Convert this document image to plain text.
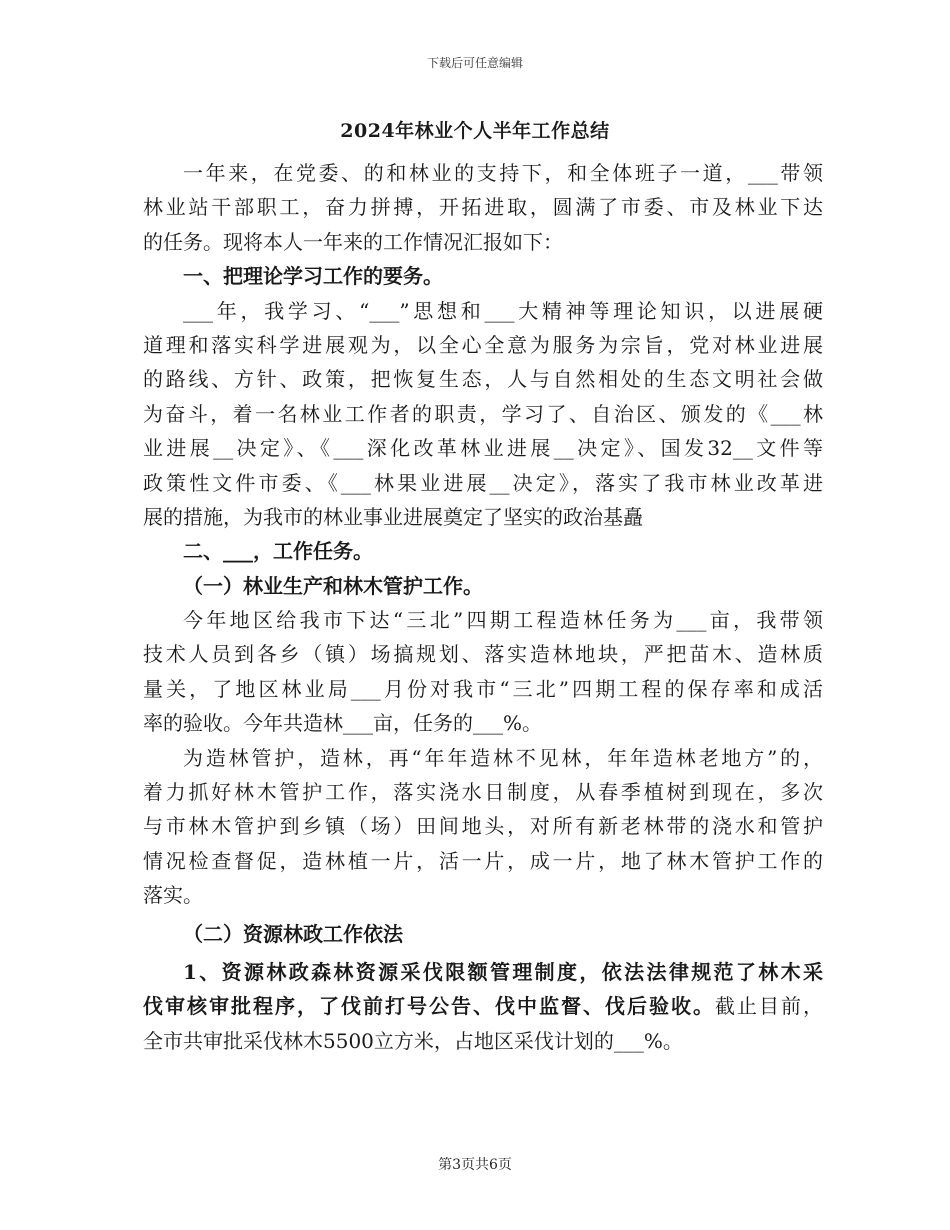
下载后可任意编辑
2024年林业个人半年工作总结
一年来，在党委、的和林业的支持下，和全体班子一道，___带领
林业站干部职工，奋力拼搏，开拓进取，圆满了市委、市及林业下达
的任务。现将本人一年来的工作情况汇报如下：
一、把理论学习工作的要务。
___年，我学习、“___”思想和___大精神等理论知识，以进展硬
道理和落实科学进展观为，以全心全意为服务为宗旨，党对林业进展
的路线、方针、政策，把恢复生态，人与自然相处的生态文明社会做
为奋斗，着一名林业工作者的职责，学习了、自治区、颁发的《___林
业进展__决定》、《___深化改革林业进展__决定》、国发32__文件等
政策性文件市委、《___林果业进展__决定》，落实了我市林业改革进
展的措施，为我市的林业事业进展奠定了坚实的政治基矗
二、___，工作任务。
（一）林业生产和林木管护工作。
今年地区给我市下达“三北”四期工程造林任务为___亩，我带领
技术人员到各乡（镇）场搞规划、落实造林地块，严把苗木、造林质
量关，了地区林业局___月份对我市“三北”四期工程的保存率和成活
率的验收。今年共造林___亩，任务的___%。
为造林管护，造林，再“年年造林不见林，年年造林老地方”的，
着力抓好林木管护工作，落实浇水日制度，从春季植树到现在，多次
与市林木管护到乡镇（场）田间地头，对所有新老林带的浇水和管护
情况检查督促，造林植一片，活一片，成一片，地了林木管护工作的
落实。
（二）资源林政工作依法
1、资源林政森林资源采伐限额管理制度，依法法律规范了林木采
伐审核审批程序，了伐前打号公告、伐中监督、伐后验收。截止目前，
全市共审批采伐林木5500立方米，占地区采伐计划的___%。
第3页共6页
